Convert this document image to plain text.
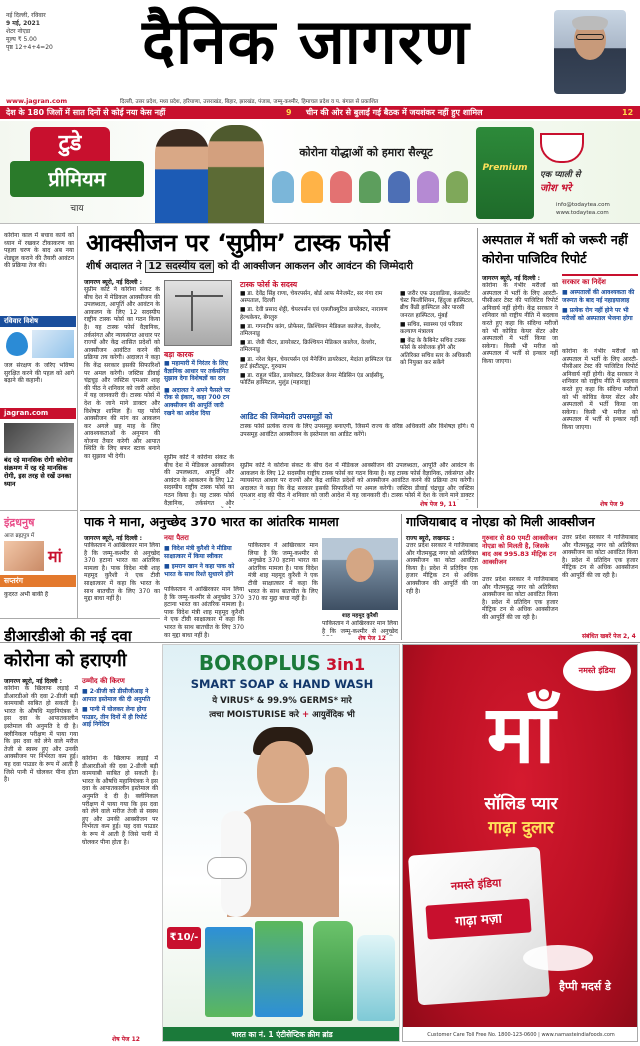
नई दिल्ली, रविवार
9 मई, 2021
शेटर नोएडा
मूल्य ₹ 5.00
पृष्ठ 12+4+4=20	दैनिक जागरण
www.jagran.com	दिल्ली, उत्तर प्रदेश, मध्य प्रदेश, हरियाणा, उत्तराखंड, बिहार, झारखंड, पंजाब, जम्मू-कश्मीर, हिमाचल प्रदेश व प. बंगाल से प्रकाशित
देश के 180 जिलों में सात दिनों से कोई नया केस नहीं	9 चीन की ओर से बुलाई गई बैठक में जयशंकर नहीं हुए शामिल	12
टुडे
प्रीमियम
चाय
कोरोना योद्धाओं को हमारा सैल्यूट
Premium
एक प्याली से
जोश भरे
info@todaytea.com
www.todaytea.com
कोरोना काल में बचाव कार्य को ध्यान में रखकर टीकाकरण का पहला चरण के बाद अब नया शेड्यूल कराने की तैयारी आवंटन की प्रक्रिया तेज की।
रविवार विशेष
जल संरक्षण के जरिए भविष्य सुरक्षित करने की पहल को आगे बढ़ाने की कहानी।
jagran.com
बंद रहे मानसिक रोगी कोरोना संक्रमण में रह रहे मानसिक रोगी, इस तरह से रखें उनका ध्यान
इंद्रधनुष
आज ब्रह्मपुत्र में
मां
सप्तरंग
कुदरत अभी बाकी है
आक्सीजन पर ‘सुप्रीम’ टास्क फोर्स
शीर्ष अदालत ने 12 सदस्यीय दल को दी आक्सीजन आकलन और आवंटन की जिम्मेदारी
जागरण ब्यूरो, नई दिल्ली :
सुप्रीम कोर्ट ने कोरोना संकट के बीच देश में मेडिकल आक्सीजन की उपलब्धता, आपूर्ति और आवंटन के आकलन के लिए 12 सदस्यीय राष्ट्रीय टास्क फोर्स का गठन किया है। यह टास्क फोर्स वैज्ञानिक, तर्कसंगत और न्यायसंगत आधार पर राज्यों और केंद्र शासित प्रदेशों को आक्सीजन आवंटित करने की प्रक्रिया तय करेगी। अदालत ने कहा कि केंद्र सरकार इसकी सिफारिशों पर अमल करेगी। जस्टिस डीवाई चंद्रचूड़ और जस्टिस एमआर शाह की पीठ ने शनिवार को जारी आदेश में यह जानकारी दी। टास्क फोर्स में देश के जाने माने डाक्टर और विशेषज्ञ शामिल हैं। यह फोर्स आक्सीजन की मांग का आकलन कर अगले छह माह के लिए आवश्यकताओं के अनुमान की योजना तैयार करेगी और आपात स्थिति के लिए बफर स्टाक बनाने का सुझाव भी देगी।
बड़ा कारक
■ महामारी में निरंतर के लिए वैज्ञानिक आधार पर तर्कसंगित सुझाव देगा विशेषज्ञों का दल
■ अदालत ने अपने फैसले पर रोक से इंकार, कहा 700 टन आक्सीजन की आपूर्ति जारी रखने का आदेश दिया
सुप्रीम कोर्ट ने कोरोना संकट के बीच देश में मेडिकल आक्सीजन की उपलब्धता, आपूर्ति और आवंटन के आकलन के लिए 12 सदस्यीय राष्ट्रीय टास्क फोर्स का गठन किया है। यह टास्क फोर्स वैज्ञानिक, तर्कसंगत और
टास्क फोर्स के सदस्य
■ डा. देवेंद्र सिंह राणा, चेयरपर्सन, बोर्ड आफ मैनेजमेंट, सर गंगा राम अस्पताल, दिल्ली
■ डा. देवी प्रसाद शेट्टी, चेयरपर्सन एवं एक्जीक्यूटिव डायरेक्टर, नारायण हेल्थकेयर, बेंगलुरु
■ डा. गगनदीप कांग, प्रोफेसर, क्रिश्चियन मेडिकल कालेज, वेल्लोर, तमिलनाडु
■ डा. जेवी पीटर, डायरेक्टर, क्रिश्चियन मेडिकल कालेज, वेल्लोर, तमिलनाडु
■ डा. नरेश त्रेहन, चेयरपर्सन एवं मैनेजिंग डायरेक्टर, मेदांता हास्पिटल एंड हार्ट इंस्टीट्यूट, गुरुग्राम
■ डा. राहुल पंडित, डायरेक्टर, क्रिटिकल केयर मेडिसिन एंड आईसीयू, फोर्टिस हास्पिटल, मुलुंड (महाराष्ट्र)
■ जरीर एफ उदवाडिया, कंसल्टेंट चेस्ट फिजीशियन, हिंदुजा हास्पिटल, ब्रीच कैंडी हास्पिटल और पारसी जनरल हास्पिटल, मुंबई
■ सचिव, स्वास्थ्य एवं परिवार कल्याण मंत्रालय
■ केंद्र के कैबिनेट सचिव टास्क फोर्स के संयोजक होंगे और अतिरिक्त सचिव स्तर के अधिकारी को नियुक्त कर सकेंगे
आडिट की जिम्मेदारी उपसमूहों को
टास्क फोर्स प्रत्येक राज्य के लिए उपसमूह बनाएगी, जिसमें राज्य के वरिष्ठ अधिकारी और विशेषज्ञ होंगे। ये उपसमूह आवंटित आक्सीजन के इस्तेमाल का आडिट करेंगे।
सुप्रीम कोर्ट ने कोरोना संकट के बीच देश में मेडिकल आक्सीजन की उपलब्धता, आपूर्ति और आवंटन के आकलन के लिए 12 सदस्यीय राष्ट्रीय टास्क फोर्स का गठन किया है। यह टास्क फोर्स वैज्ञानिक, तर्कसंगत और न्यायसंगत आधार पर राज्यों और केंद्र शासित प्रदेशों को आक्सीजन आवंटित करने की प्रक्रिया तय करेगी। अदालत ने कहा कि केंद्र सरकार इसकी सिफारिशों पर अमल करेगी। जस्टिस डीवाई चंद्रचूड़ और जस्टिस एमआर शाह की पीठ ने शनिवार को जारी आदेश में यह जानकारी दी। टास्क फोर्स में देश के जाने माने डाक्टर
शेष पेज 9, 11
अस्पताल में भर्ती को जरूरी नहीं कोरोना पाजिटिव रिपोर्ट
जागरण ब्यूरो, नई दिल्ली :
कोरोना के गंभीर मरीजों को अस्पताल में भर्ती के लिए आरटी-पीसीआर टेस्ट की पाजिटिव रिपोर्ट अनिवार्य नहीं होगी। केंद्र सरकार ने शनिवार को राष्ट्रीय नीति में बदलाव करते हुए कहा कि संदिग्ध मरीजों को भी कोविड केयर सेंटर और अस्पतालों में भर्ती किया जा सकेगा। किसी भी मरीज को अस्पताल में भर्ती से इन्कार नहीं किया जाएगा।
सरकार का निर्देश
■ अस्पतालों की आवश्यकता की जरूरत के बाद नई नहाइयालाह
■ प्रत्येक रोग नहीं होने पर भी मरीजों को अस्पताल भेजना होगा
कोरोना के गंभीर मरीजों को अस्पताल में भर्ती के लिए आरटी-पीसीआर टेस्ट की पाजिटिव रिपोर्ट अनिवार्य नहीं होगी। केंद्र सरकार ने शनिवार को राष्ट्रीय नीति में बदलाव करते हुए कहा कि संदिग्ध मरीजों को भी कोविड केयर सेंटर और अस्पतालों में भर्ती किया जा सकेगा। किसी भी मरीज को अस्पताल में भर्ती से इन्कार नहीं किया जाएगा।
शेष पेज 9
पाक ने माना, अनुच्छेद 370 भारत का आंतरिक मामला
जागरण ब्यूरो, नई दिल्ली :
पाकिस्तान ने आखिरकार मान लिया है कि जम्मू-कश्मीर से अनुच्छेद 370 हटाना भारत का आंतरिक मामला है। पाक विदेश मंत्री शाह महमूद कुरैशी ने एक टीवी साक्षात्कार में कहा कि भारत के साथ बातचीत के लिए 370 का मुद्दा बाधा नहीं है।
नया पैतरा
■ विदेश मंत्री कुरैशी ने मीडिया साक्षात्कार में किया स्वीकार
■ इमरान खान ने कहा पाक को भारत के साथ रिश्ते सुधारने होंगे
पाकिस्तान ने आखिरकार मान लिया है कि जम्मू-कश्मीर से अनुच्छेद 370 हटाना भारत का आंतरिक मामला है। पाक विदेश मंत्री शाह महमूद कुरैशी ने एक टीवी साक्षात्कार में कहा कि भारत के साथ बातचीत के लिए 370 का मुद्दा बाधा नहीं है।
पाकिस्तान ने आखिरकार मान लिया है कि जम्मू-कश्मीर से अनुच्छेद 370 हटाना भारत का आंतरिक मामला है। पाक विदेश मंत्री शाह महमूद कुरैशी ने एक टीवी साक्षात्कार में कहा कि भारत के साथ बातचीत के लिए 370 का मुद्दा बाधा नहीं है।
शाह महमूद कुरैशी
पाकिस्तान ने आखिरकार मान लिया है कि जम्मू-कश्मीर से अनुच्छेद
शेष पेज 12
गाजियाबाद व नोएडा को मिली आक्सीजन
राज्य ब्यूरो, लखनऊ :
उत्तर प्रदेश सरकार ने गाजियाबाद और गौतमबुद्ध नगर को अतिरिक्त आक्सीजन का कोटा आवंटित किया है। प्रदेश में प्रतिदिन एक हजार मीट्रिक टन से अधिक आक्सीजन की आपूर्ति की जा रही है।
गुरुवार से 80 एमटी आक्सीजन नोएडा को मिलती है, जिसके बाद अब 995.83 मीट्रिक टन आक्सीजन
उत्तर प्रदेश सरकार ने गाजियाबाद और गौतमबुद्ध नगर को अतिरिक्त आक्सीजन का कोटा आवंटित किया है। प्रदेश में प्रतिदिन एक हजार मीट्रिक टन से अधिक आक्सीजन की आपूर्ति की जा रही है।
उत्तर प्रदेश सरकार ने गाजियाबाद और गौतमबुद्ध नगर को अतिरिक्त आक्सीजन का कोटा आवंटित किया है। प्रदेश में प्रतिदिन एक हजार मीट्रिक टन से अधिक आक्सीजन की आपूर्ति की जा रही है।
संबंधित खबरें पेज 2, 4
डीआरडीओ की नई दवा
कोरोना को हराएगी
जागरण ब्यूरो, नई दिल्ली :
कोरोना के खिलाफ लड़ाई में डीआरडीओ की दवा 2-डीजी बड़ी कामयाबी साबित हो सकती है। भारत के औषधि महानियंत्रक ने इस दवा के आपातकालीन इस्तेमाल की अनुमति दे दी है। क्लीनिकल परीक्षण में पाया गया कि इस दवा को लेने वाले मरीज तेजी से स्वस्थ हुए और उनकी आक्सीजन पर निर्भरता कम हुई। यह दवा पाउडर के रूप में आती है जिसे पानी में घोलकर पीना होता है।
उम्मीद की किरण
■ 2-डीजी को डीसीजीआइ ने आपात इस्तेमाल की दी अनुमति
■ पानी में घोलकर लेना होगा पाउडर, तीन दिनों में ही रिपोर्ट आई निगेटिव
कोरोना के खिलाफ लड़ाई में डीआरडीओ की दवा 2-डीजी बड़ी कामयाबी साबित हो सकती है। भारत के औषधि महानियंत्रक ने इस दवा के आपातकालीन इस्तेमाल की अनुमति दे दी है। क्लीनिकल परीक्षण में पाया गया कि इस दवा को लेने वाले मरीज तेजी से स्वस्थ हुए और उनकी आक्सीजन पर निर्भरता कम हुई। यह दवा पाउडर के रूप में आती है जिसे पानी में घोलकर पीना होता है।
शेष पेज 12
BOROPLUS 3in1
SMART SOAP & HAND WASH
ये VIRUS* & 99.9% GERMS* मारे
त्वचा MOISTURISE करे + आयुर्वेदिक भी
₹10/-
भारत का नं. 1 एंटीसेप्टिक क्रीम ब्रांड
नमस्ते इंडिया
माँ
सॉलिड प्यार
गाढ़ा दुलार
नमस्ते इंडिया
गाढ़ा मज़ा
हैप्पी मदर्स डे
Customer Care Toll Free No. 1800-123-0600 | www.namasteindiafoods.com
